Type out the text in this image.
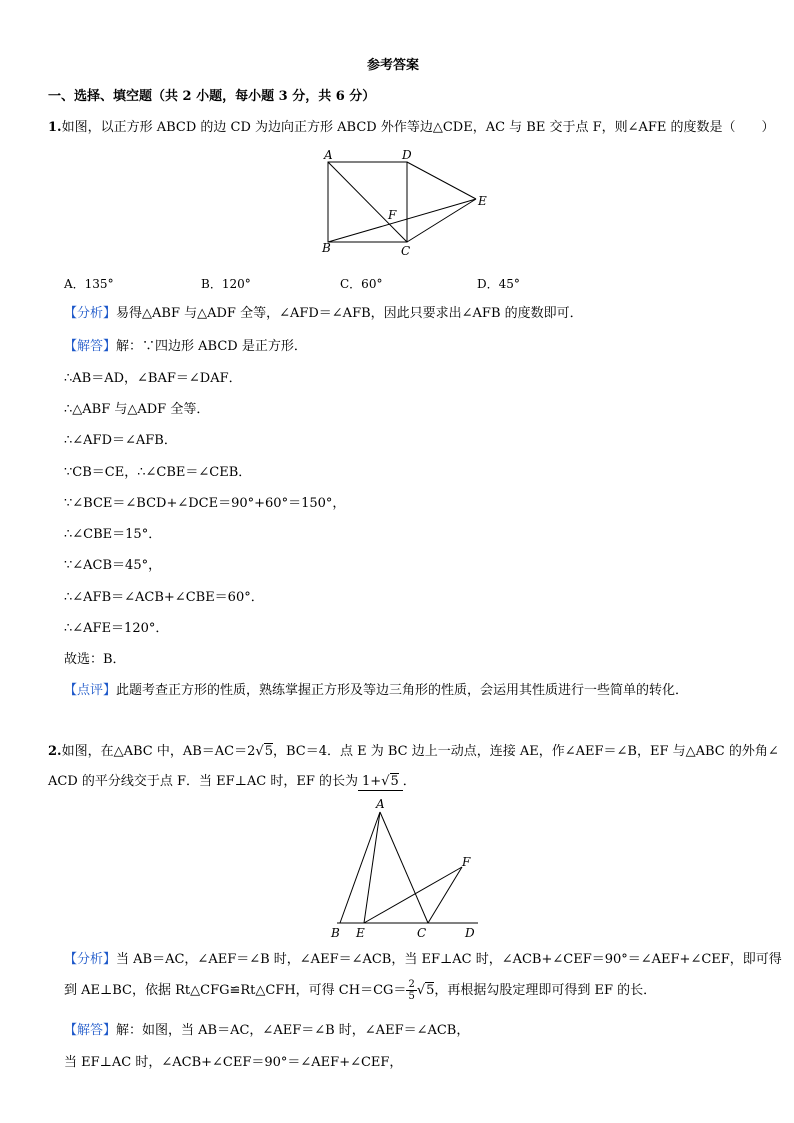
参考答案
一、选择、填空题（共 2 小题，每小题 3 分，共 6 分）
1.如图，以正方形 ABCD 的边 CD 为边向正方形 ABCD 外作等边△CDE，AC 与 BE 交于点 F，则∠AFE 的度数是（　　）
A	D
E
F
B	C
A．135°	B．120°	C．60°	D．45°
【分析】易得△ABF 与△ADF 全等，∠AFD＝∠AFB，因此只要求出∠AFB 的度数即可．
【解答】解：∵四边形 ABCD 是正方形．
∴AB＝AD，∠BAF＝∠DAF．
∴△ABF 与△ADF 全等．
∴∠AFD＝∠AFB．
∵CB＝CE，∴∠CBE＝∠CEB．
∵∠BCE＝∠BCD+∠DCE＝90°+60°＝150°，
∴∠CBE＝15°．
∵∠ACB＝45°，
∴∠AFB＝∠ACB+∠CBE＝60°．
∴∠AFE＝120°．
故选：B．
【点评】此题考查正方形的性质，熟练掌握正方形及等边三角形的性质，会运用其性质进行一些简单的转化．
2.如图，在△ABC 中，AB＝AC＝2√5，BC＝4．点 E 为 BC 边上一动点，连接 AE，作∠AEF＝∠B，EF 与△ABC 的外角∠
ACD 的平分线交于点 F．当 EF⊥AC 时，EF 的长为 1+√5 ．
A
F
B E	C	D
【分析】当 AB＝AC，∠AEF＝∠B 时，∠AEF＝∠ACB，当 EF⊥AC 时，∠ACB+∠CEF＝90°＝∠AEF+∠CEF，即可得
到 AE⊥BC，依据 Rt△CFG≌Rt△CFH，可得 $CH=CG= \frac{2}{5} √5$，再根据勾股定理即可得到 EF 的长．
【解答】解：如图，当 AB＝AC，∠AEF＝∠B 时，∠AEF＝∠ACB，
当 EF⊥AC 时，∠ACB+∠CEF＝90°＝∠AEF+∠CEF，
